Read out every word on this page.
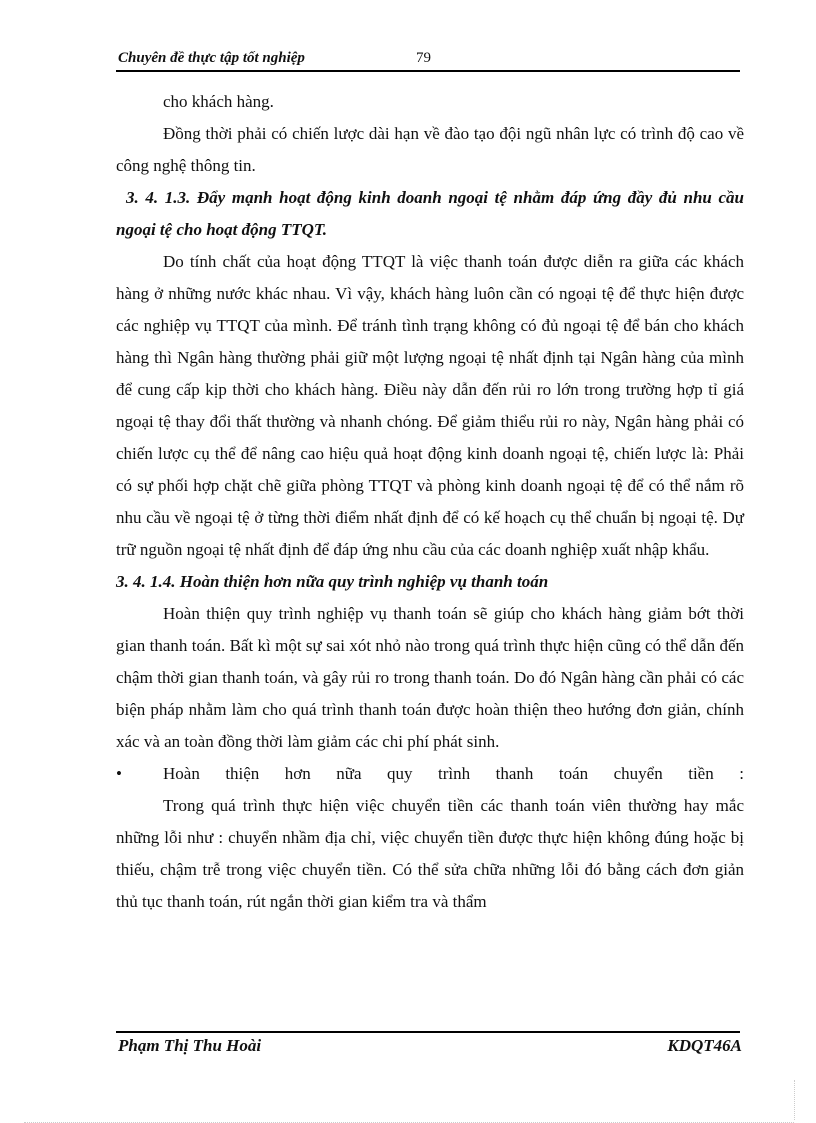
Chuyên đề thực tập tốt nghiệp	79

cho khách hàng.

Đồng thời phải có chiến lược dài hạn về đào tạo đội ngũ nhân lực có trình độ cao về công nghệ thông tin.

3. 4. 1.3. Đẩy mạnh hoạt động kinh doanh ngoại tệ nhằm đáp ứng đầy đủ nhu cầu ngoại tệ cho hoạt động TTQT.

Do tính chất của hoạt động TTQT là việc thanh toán được diễn ra giữa các khách hàng ở những nước khác nhau. Vì vậy, khách hàng luôn cần có ngoại tệ để thực hiện được các nghiệp vụ TTQT của mình. Để tránh tình trạng không có đủ ngoại tệ để bán cho khách hàng thì Ngân hàng thường phải giữ một lượng ngoại tệ nhất định tại Ngân hàng của mình để cung cấp kịp thời cho khách hàng. Điều này dẫn đến rủi ro lớn trong trường hợp tỉ giá ngoại tệ thay đổi thất thường và nhanh chóng. Để giảm thiểu rủi ro này, Ngân hàng phải có chiến lược cụ thể để nâng cao hiệu quả hoạt động kinh doanh ngoại tệ, chiến lược là: Phải có sự phối hợp chặt chẽ giữa phòng TTQT và phòng kinh doanh ngoại tệ để có thể nắm rõ nhu cầu về ngoại tệ ở từng thời điểm nhất định để có kế hoạch cụ thể chuẩn bị ngoại tệ. Dự trữ nguồn ngoại tệ nhất định để đáp ứng nhu cầu của các doanh nghiệp xuất nhập khẩu.

3. 4. 1.4. Hoàn thiện hơn nữa quy trình nghiệp vụ thanh toán

Hoàn thiện quy trình nghiệp vụ thanh toán sẽ giúp cho khách hàng giảm bớt thời gian thanh toán. Bất kì một sự sai xót nhỏ nào trong quá trình thực hiện cũng có thể dẫn đến chậm thời gian thanh toán, và gây rủi ro trong thanh toán. Do đó Ngân hàng cần phải có các biện pháp nhằm làm cho quá trình thanh toán được hoàn thiện theo hướng đơn giản, chính xác và an toàn đồng thời làm giảm các chi phí phát sinh.

•	Hoàn thiện hơn nữa quy trình thanh toán chuyển tiền :

Trong quá trình thực hiện việc chuyển tiền các thanh toán viên thường hay mắc những lỗi như : chuyển nhầm địa chỉ, việc chuyển tiền được thực hiện không đúng hoặc bị thiếu, chậm trễ trong việc chuyển tiền. Có thể sửa chữa những lỗi đó bằng cách đơn giản thủ tục thanh toán, rút ngắn thời gian kiểm tra và thẩm

Phạm Thị Thu Hoài	KDQT46A
